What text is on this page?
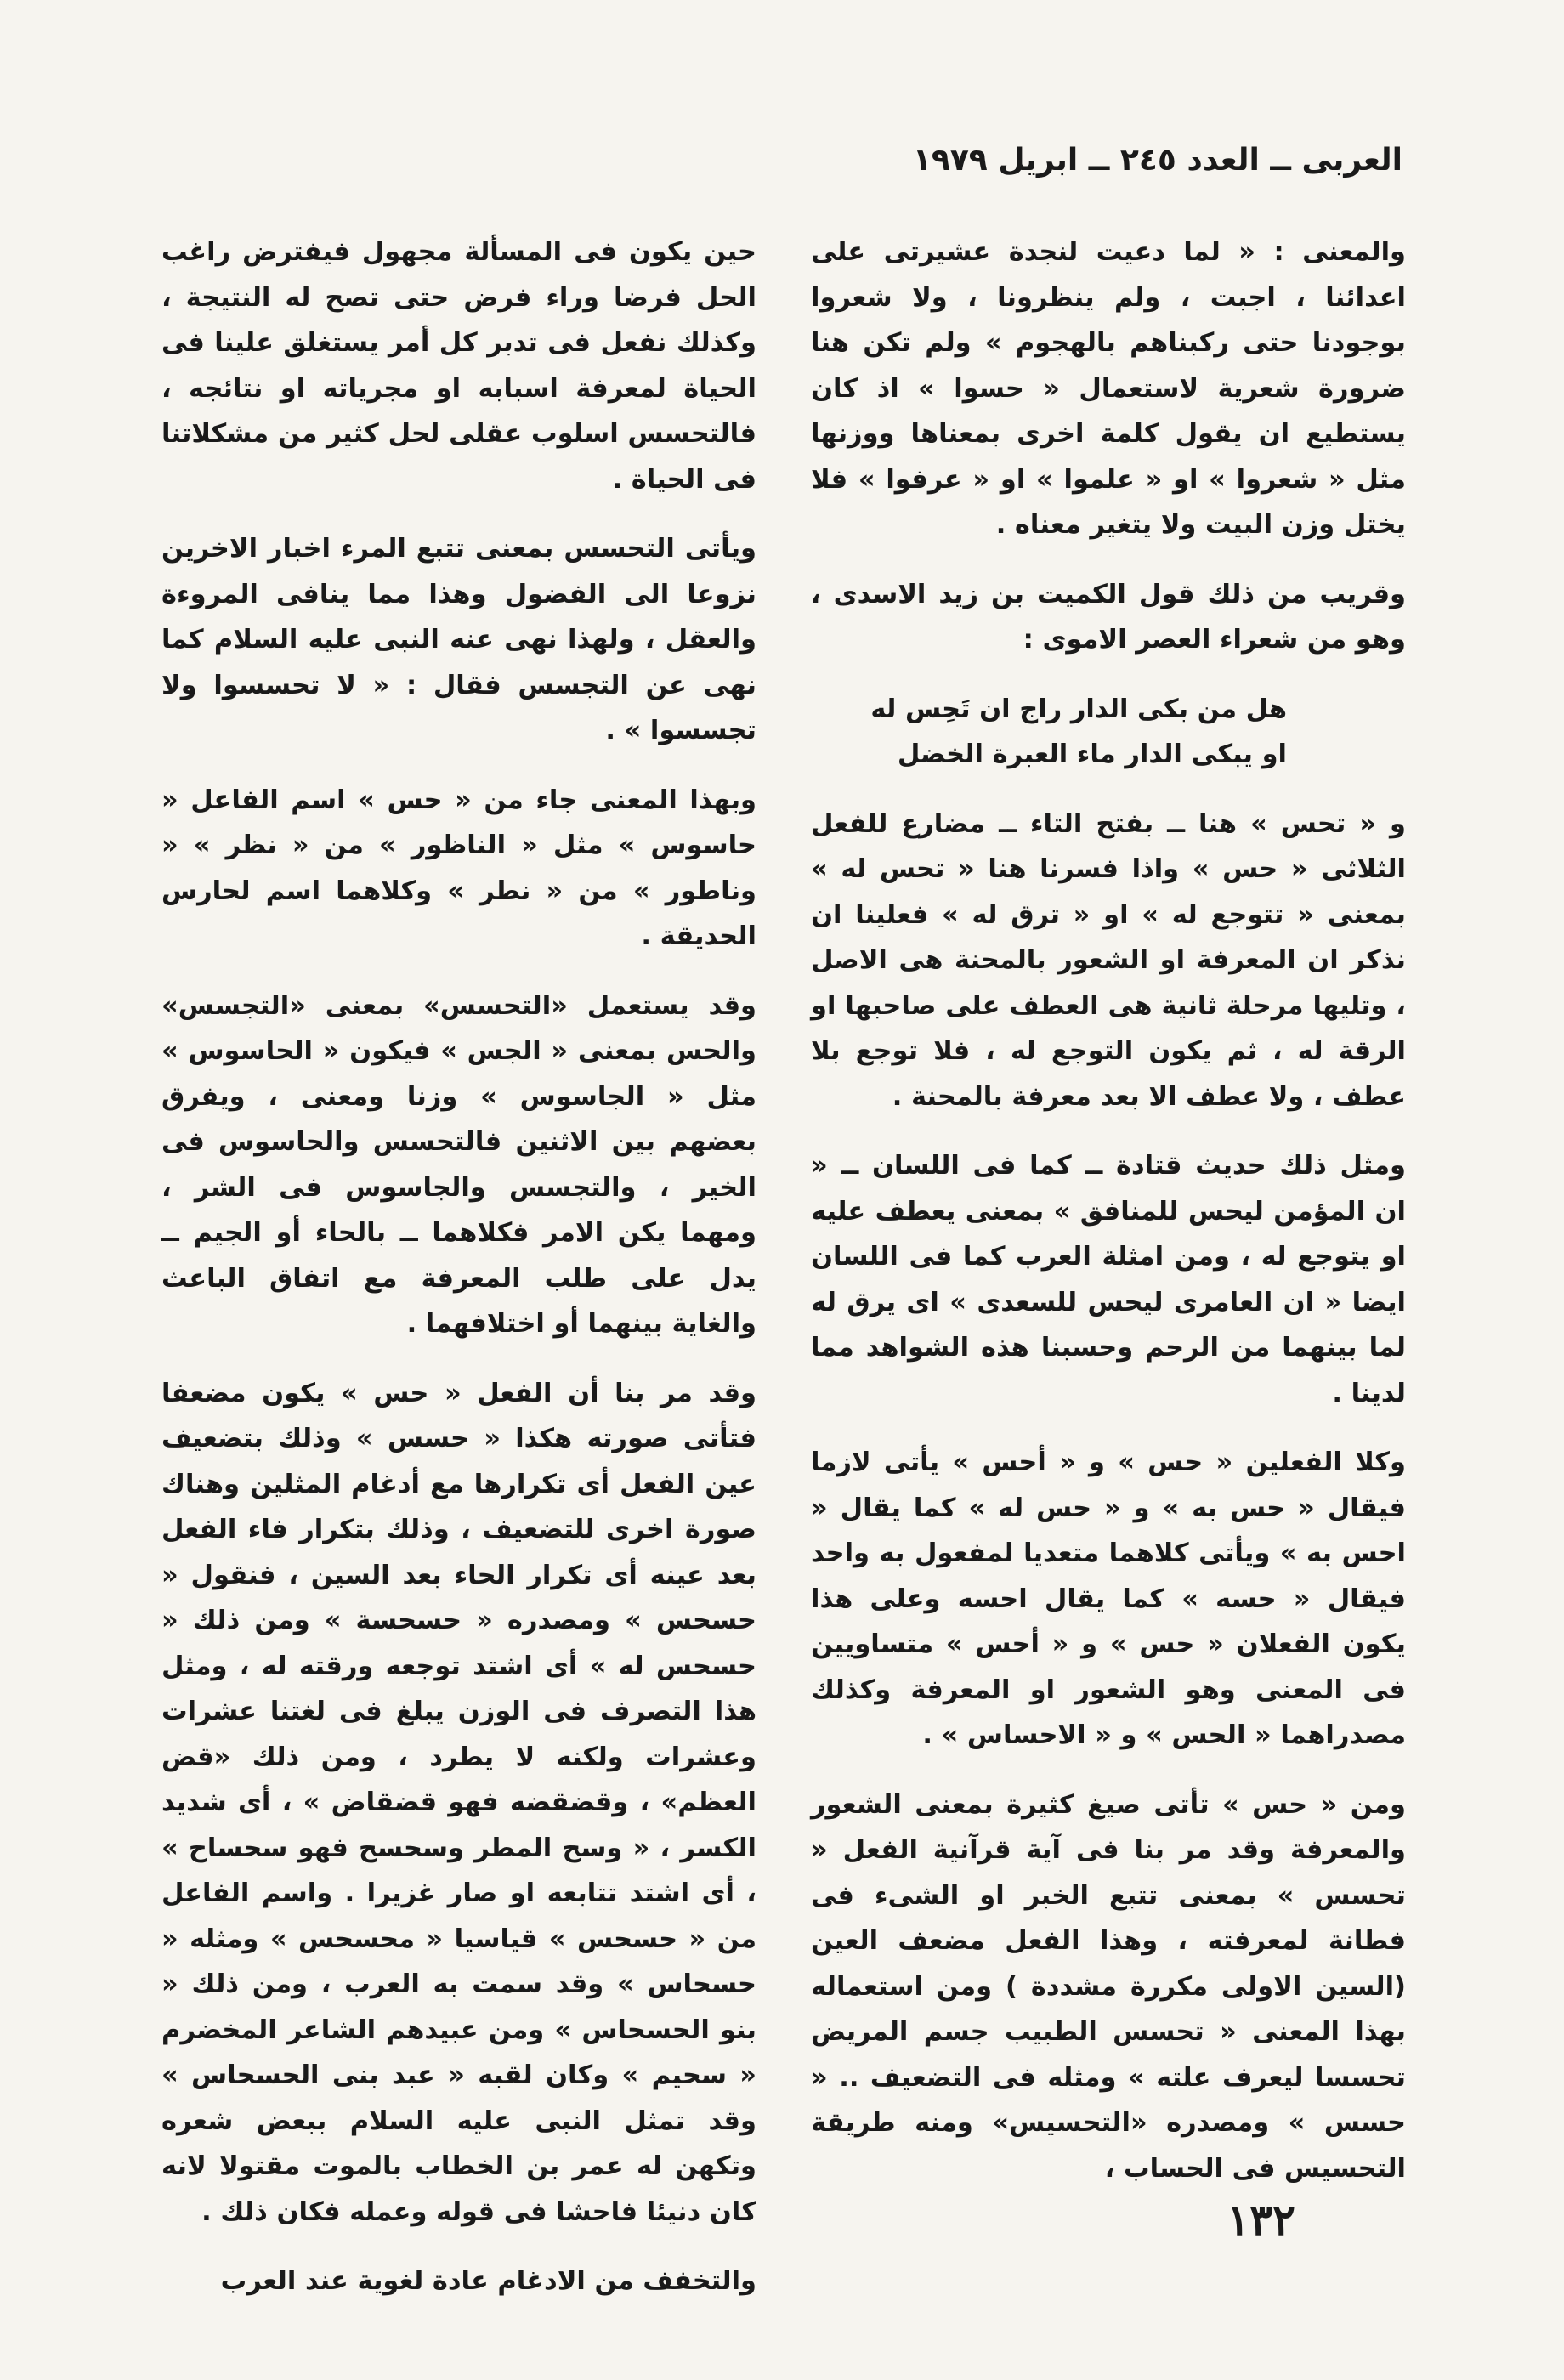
العربى ــ العدد ٢٤٥ ــ ابريل ١٩٧٩

والمعنى : « لما دعيت لنجدة عشيرتى على اعدائنا ، اجبت ، ولم ينظرونا ، ولا شعروا بوجودنا حتى ركبناهم بالهجوم » ولم تكن هنا ضرورة شعرية لاستعمال « حسوا » اذ كان يستطيع ان يقول كلمة اخرى بمعناها ووزنها مثل « شعروا » او « علموا » او « عرفوا » فلا يختل وزن البيت ولا يتغير معناه .

وقريب من ذلك قول الكميت بن زيد الاسدى ، وهو من شعراء العصر الاموى :

هل من بكى الدار راج ان تَحِس له
او يبكى الدار ماء العبرة الخضل

و « تحس » هنا ــ بفتح التاء ــ مضارع للفعل الثلاثى « حس » واذا فسرنا هنا « تحس له » بمعنى « تتوجع له » او « ترق له » فعلينا ان نذكر ان المعرفة او الشعور بالمحنة هى الاصل ، وتليها مرحلة ثانية هى العطف على صاحبها او الرقة له ، ثم يكون التوجع له ، فلا توجع بلا عطف ، ولا عطف الا بعد معرفة بالمحنة .

ومثل ذلك حديث قتادة ــ كما فى اللسان ــ « ان المؤمن ليحس للمنافق » بمعنى يعطف عليه او يتوجع له ، ومن امثلة العرب كما فى اللسان ايضا « ان العامرى ليحس للسعدى » اى يرق له لما بينهما من الرحم وحسبنا هذه الشواهد مما لدينا .

وكلا الفعلين « حس » و « أحس » يأتى لازما فيقال « حس به » و « حس له » كما يقال « احس به » ويأتى كلاهما متعديا لمفعول به واحد فيقال « حسه » كما يقال احسه وعلى هذا يكون الفعلان « حس » و « أحس » متساويين فى المعنى وهو الشعور او المعرفة وكذلك مصدراهما « الحس » و « الاحساس » .

ومن « حس » تأتى صيغ كثيرة بمعنى الشعور والمعرفة وقد مر بنا فى آية قرآنية الفعل « تحسس » بمعنى تتبع الخبر او الشىء فى فطانة لمعرفته ، وهذا الفعل مضعف العين (السين الاولى مكررة مشددة ) ومن استعماله بهذا المعنى « تحسس الطبيب جسم المريض تحسسا ليعرف علته » ومثله فى التضعيف .. « حسس » ومصدره «التحسيس» ومنه طريقة التحسيس فى الحساب ،

حين يكون فى المسألة مجهول فيفترض راغب الحل فرضا وراء فرض حتى تصح له النتيجة ، وكذلك نفعل فى تدبر كل أمر يستغلق علينا فى الحياة لمعرفة اسبابه او مجرياته او نتائجه ، فالتحسس اسلوب عقلى لحل كثير من مشكلاتنا فى الحياة .

ويأتى التحسس بمعنى تتبع المرء اخبار الاخرين نزوعا الى الفضول وهذا مما ينافى المروءة والعقل ، ولهذا نهى عنه النبى عليه السلام كما نهى عن التجسس فقال : « لا تحسسوا ولا تجسسوا » .

وبهذا المعنى جاء من « حس » اسم الفاعل « حاسوس » مثل « الناظور » من « نظر » « وناطور » من « نطر » وكلاهما اسم لحارس الحديقة .

وقد يستعمل «التحسس» بمعنى «التجسس» والحس بمعنى « الجس » فيكون « الحاسوس » مثل « الجاسوس » وزنا ومعنى ، ويفرق بعضهم بين الاثنين فالتحسس والحاسوس فى الخير ، والتجسس والجاسوس فى الشر ، ومهما يكن الامر فكلاهما ــ بالحاء أو الجيم ــ يدل على طلب المعرفة مع اتفاق الباعث والغاية بينهما أو اختلافهما .

وقد مر بنا أن الفعل « حس » يكون مضعفا فتأتى صورته هكذا « حسس » وذلك بتضعيف عين الفعل أى تكرارها مع أدغام المثلين وهناك صورة اخرى للتضعيف ، وذلك بتكرار فاء الفعل بعد عينه أى تكرار الحاء بعد السين ، فنقول « حسحس » ومصدره « حسحسة » ومن ذلك « حسحس له » أى اشتد توجعه ورقته له ، ومثل هذا التصرف فى الوزن يبلغ فى لغتنا عشرات وعشرات ولكنه لا يطرد ، ومن ذلك «قض العظم» ، وقضقضه فهو قضقاض » ، أى شديد الكسر ، « وسح المطر وسحسح فهو سحساح » ، أى اشتد تتابعه او صار غزيرا . واسم الفاعل من « حسحس » قياسيا « محسحس » ومثله « حسحاس » وقد سمت به العرب ، ومن ذلك « بنو الحسحاس » ومن عبيدهم الشاعر المخضرم « سحيم » وكان لقبه « عبد بنى الحسحاس » وقد تمثل النبى عليه السلام ببعض شعره وتكهن له عمر بن الخطاب بالموت مقتولا لانه كان دنيئا فاحشا فى قوله وعمله فكان ذلك .

والتخفف من الادغام عادة لغوية عند العرب

١٣٢
